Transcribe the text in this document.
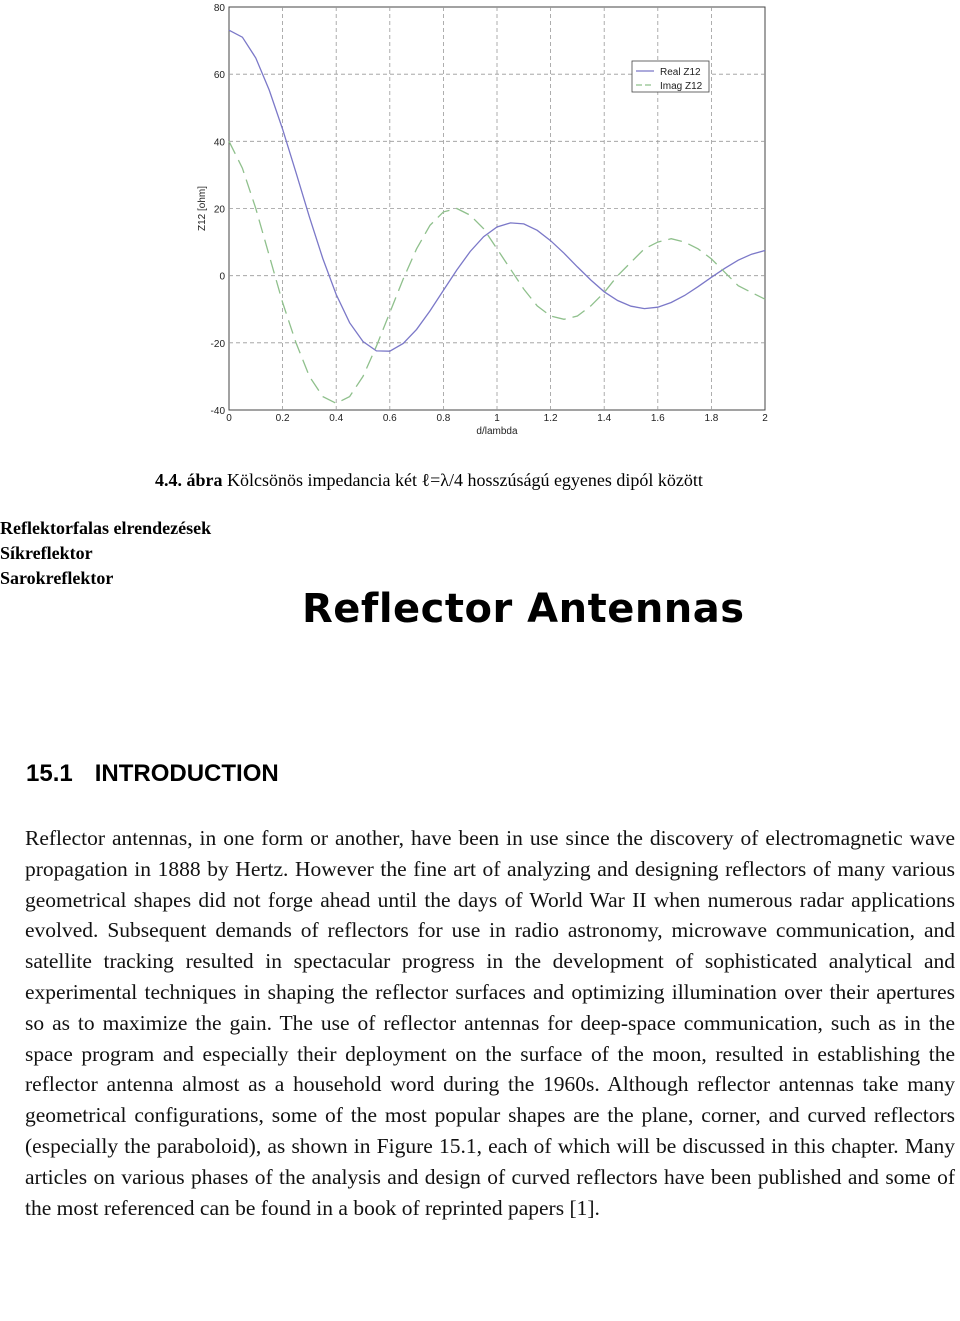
0	0.2	0.4	0.6	0.8	1	1.2	1.4	1.6	1.8	2
-40
-20
0
20
40
60
80
d/lambda
Z12 [ohm]
Real Z12
Imag Z12
4.4. ábra Kölcsönös impedancia két ℓ=λ/4 hosszúságú egyenes dipól között
Reflektorfalas elrendezések
Síkreflektor
Sarokreflektor
Reflector Antennas
15.1 INTRODUCTION
Reflector antennas, in one form or another, have been in use since the discovery of electromagnetic wave propagation in 1888 by Hertz. However the fine art of analyzing and designing reflectors of many various geometrical shapes did not forge ahead until the days of World War II when numerous radar applications evolved. Subsequent demands of reflectors for use in radio astronomy, microwave communication, and satellite tracking resulted in spectacular progress in the development of sophisticated analytical and experimental techniques in shaping the reflector surfaces and optimizing illumination over their apertures so as to maximize the gain. The use of reflector antennas for deep-space communication, such as in the space program and especially their deployment on the surface of the moon, resulted in establishing the reflector antenna almost as a household word during the 1960s. Although reflector antennas take many geometrical configurations, some of the most popular shapes are the plane, corner, and curved reflectors (especially the paraboloid), as shown in Figure 15.1, each of which will be discussed in this chapter. Many articles on various phases of the analysis and design of curved reflectors have been published and some of the most referenced can be found in a book of reprinted papers [1].
